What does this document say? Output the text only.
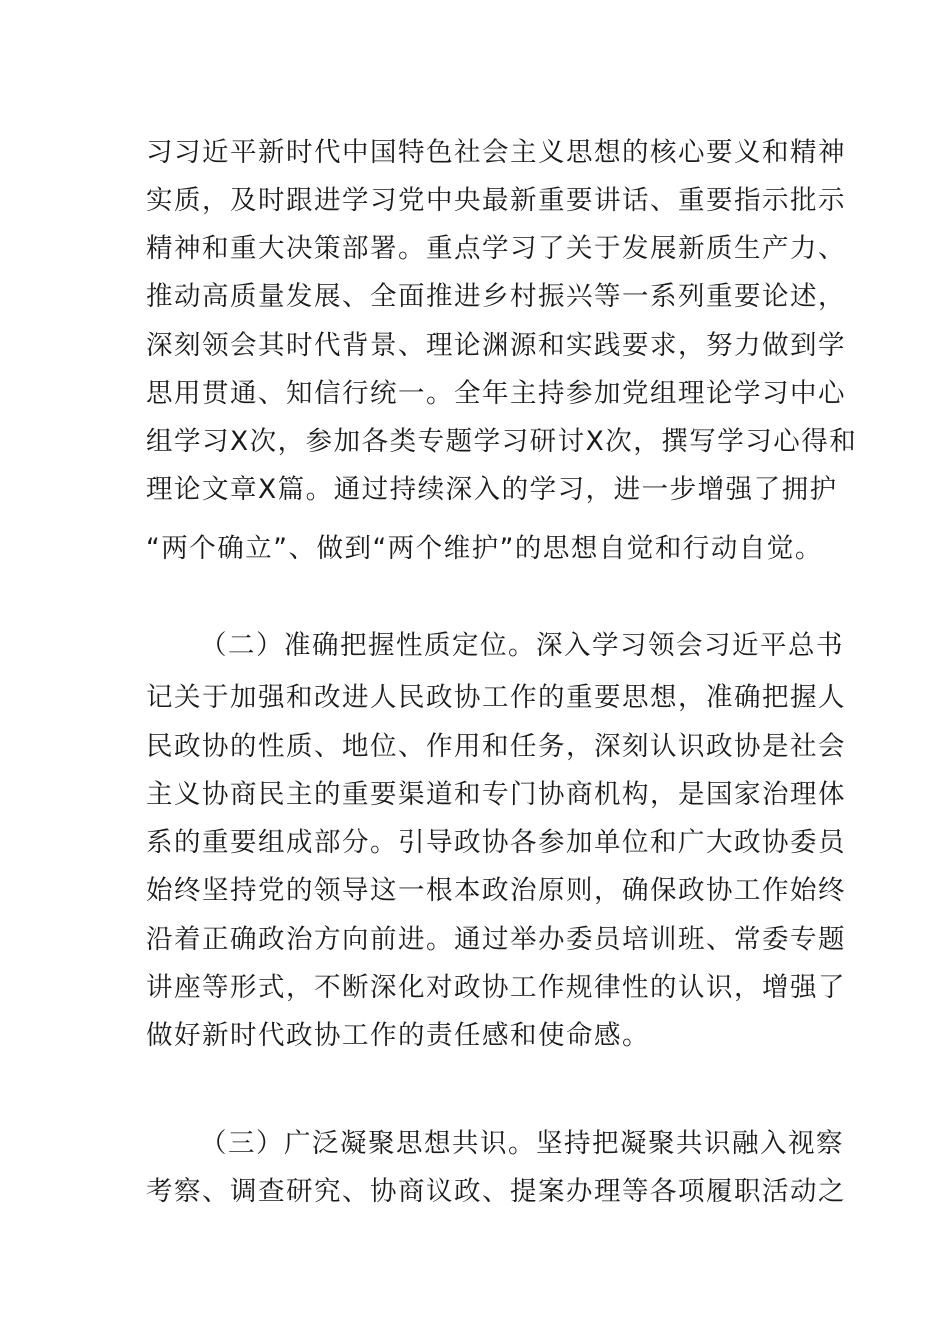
习习近平新时代中国特色社会主义思想的核心要义和精神
实质，及时跟进学习党中央最新重要讲话、重要指示批示
精神和重大决策部署。重点学习了关于发展新质生产力、
推动高质量发展、全面推进乡村振兴等一系列重要论述，
深刻领会其时代背景、理论渊源和实践要求，努力做到学
思用贯通、知信行统一。全年主持参加党组理论学习中心
组学习X次，参加各类专题学习研讨X次，撰写学习心得和
理论文章X篇。通过持续深入的学习，进一步增强了拥护
“两个确立”、做到“两个维护”的思想自觉和行动自觉。
（二）准确把握性质定位。深入学习领会习近平总书
记关于加强和改进人民政协工作的重要思想，准确把握人
民政协的性质、地位、作用和任务，深刻认识政协是社会
主义协商民主的重要渠道和专门协商机构，是国家治理体
系的重要组成部分。引导政协各参加单位和广大政协委员
始终坚持党的领导这一根本政治原则，确保政协工作始终
沿着正确政治方向前进。通过举办委员培训班、常委专题
讲座等形式，不断深化对政协工作规律性的认识，增强了
做好新时代政协工作的责任感和使命感。
（三）广泛凝聚思想共识。坚持把凝聚共识融入视察
考察、调查研究、协商议政、提案办理等各项履职活动之
